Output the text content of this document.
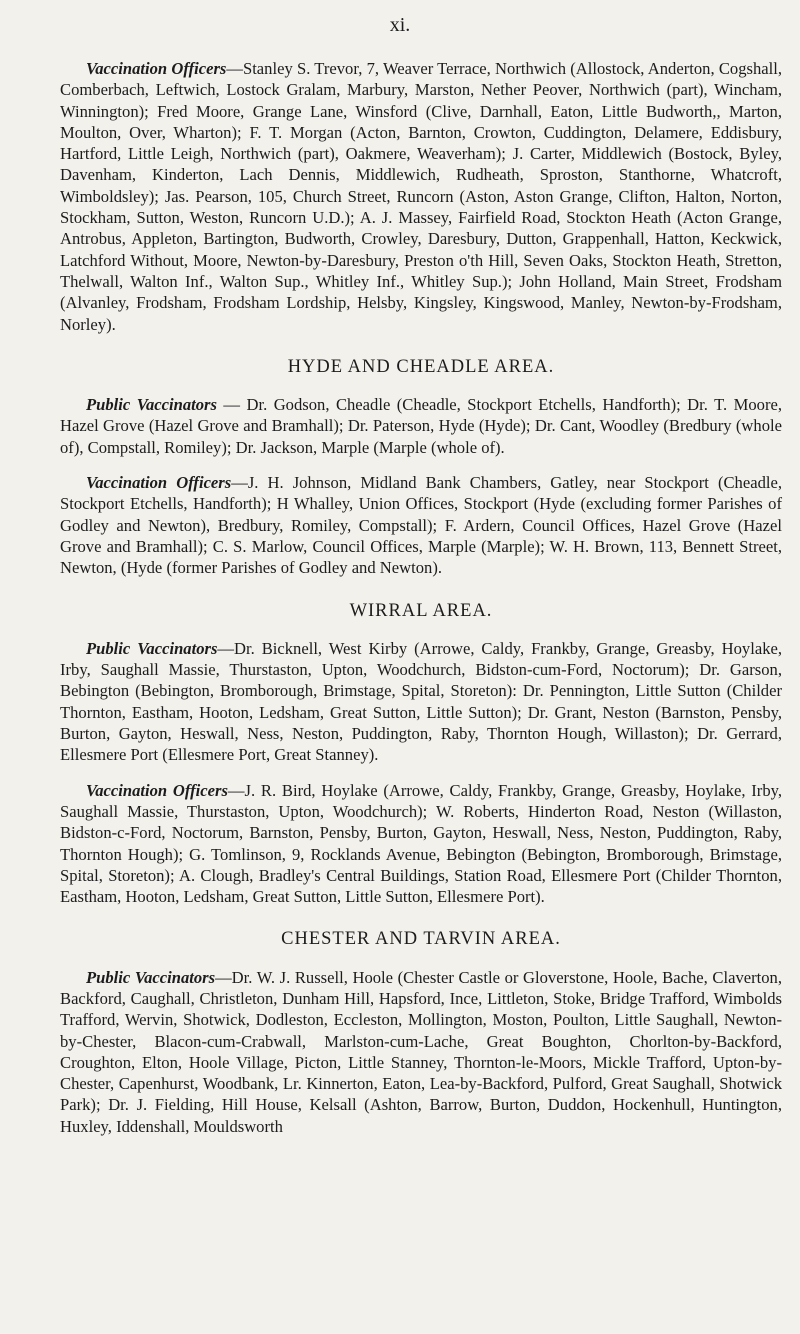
xi.

Vaccination Officers—Stanley S. Trevor, 7, Weaver Terrace, Northwich (Allostock, Anderton, Cogshall, Comberbach, Leftwich, Lostock Gralam, Marbury, Marston, Nether Peover, Northwich (part), Wincham, Winnington); Fred Moore, Grange Lane, Winsford (Clive, Darnhall, Eaton, Little Budworth,, Marton, Moulton, Over, Wharton); F. T. Morgan (Acton, Barnton, Crowton, Cuddington, Delamere, Eddisbury, Hartford, Little Leigh, Northwich (part), Oakmere, Weaverham); J. Carter, Middlewich (Bostock, Byley, Davenham, Kinderton, Lach Dennis, Middlewich, Rudheath, Sproston, Stanthorne, Whatcroft, Wimboldsley); Jas. Pearson, 105, Church Street, Runcorn (Aston, Aston Grange, Clifton, Halton, Norton, Stockham, Sutton, Weston, Runcorn U.D.); A. J. Massey, Fairfield Road, Stockton Heath (Acton Grange, Antrobus, Appleton, Bartington, Budworth, Crowley, Daresbury, Dutton, Grappenhall, Hatton, Keckwick, Latchford Without, Moore, Newton-by-Daresbury, Preston o'th Hill, Seven Oaks, Stockton Heath, Stretton, Thelwall, Walton Inf., Walton Sup., Whitley Inf., Whitley Sup.); John Holland, Main Street, Frodsham (Alvanley, Frodsham, Frodsham Lordship, Helsby, Kingsley, Kingswood, Manley, Newton-by-Frodsham, Norley).

HYDE AND CHEADLE AREA.

Public Vaccinators — Dr. Godson, Cheadle (Cheadle, Stockport Etchells, Handforth); Dr. T. Moore, Hazel Grove (Hazel Grove and Bramhall); Dr. Paterson, Hyde (Hyde); Dr. Cant, Woodley (Bredbury (whole of), Compstall, Romiley); Dr. Jackson, Marple (Marple (whole of).

Vaccination Officers—J. H. Johnson, Midland Bank Chambers, Gatley, near Stockport (Cheadle, Stockport Etchells, Handforth); H Whalley, Union Offices, Stockport (Hyde (excluding former Parishes of Godley and Newton), Bredbury, Romiley, Compstall); F. Ardern, Council Offices, Hazel Grove (Hazel Grove and Bramhall); C. S. Marlow, Council Offices, Marple (Marple); W. H. Brown, 113, Bennett Street, Newton, (Hyde (former Parishes of Godley and Newton).

WIRRAL AREA.

Public Vaccinators—Dr. Bicknell, West Kirby (Arrowe, Caldy, Frankby, Grange, Greasby, Hoylake, Irby, Saughall Massie, Thurstaston, Upton, Woodchurch, Bidston-cum-Ford, Noctorum); Dr. Garson, Bebington (Bebington, Bromborough, Brimstage, Spital, Storeton): Dr. Pennington, Little Sutton (Childer Thornton, Eastham, Hooton, Ledsham, Great Sutton, Little Sutton); Dr. Grant, Neston (Barnston, Pensby, Burton, Gayton, Heswall, Ness, Neston, Puddington, Raby, Thornton Hough, Willaston); Dr. Gerrard, Ellesmere Port (Ellesmere Port, Great Stanney).

Vaccination Officers—J. R. Bird, Hoylake (Arrowe, Caldy, Frankby, Grange, Greasby, Hoylake, Irby, Saughall Massie, Thurstaston, Upton, Woodchurch); W. Roberts, Hinderton Road, Neston (Willaston, Bidston-c-Ford, Noctorum, Barnston, Pensby, Burton, Gayton, Heswall, Ness, Neston, Puddington, Raby, Thornton Hough); G. Tomlinson, 9, Rocklands Avenue, Bebington (Bebington, Bromborough, Brimstage, Spital, Storeton); A. Clough, Bradley's Central Buildings, Station Road, Ellesmere Port (Childer Thornton, Eastham, Hooton, Ledsham, Great Sutton, Little Sutton, Ellesmere Port).

CHESTER AND TARVIN AREA.

Public Vaccinators—Dr. W. J. Russell, Hoole (Chester Castle or Gloverstone, Hoole, Bache, Claverton, Backford, Caughall, Christleton, Dunham Hill, Hapsford, Ince, Littleton, Stoke, Bridge Trafford, Wimbolds Trafford, Wervin, Shotwick, Dodleston, Eccleston, Mollington, Moston, Poulton, Little Saughall, Newton-by-Chester, Blacon-cum-Crabwall, Marlston-cum-Lache, Great Boughton, Chorlton-by-Backford, Croughton, Elton, Hoole Village, Picton, Little Stanney, Thornton-le-Moors, Mickle Trafford, Upton-by-Chester, Capenhurst, Woodbank, Lr. Kinnerton, Eaton, Lea-by-Backford, Pulford, Great Saughall, Shotwick Park); Dr. J. Fielding, Hill House, Kelsall (Ashton, Barrow, Burton, Duddon, Hockenhull, Huntington, Huxley, Iddenshall, Mouldsworth
